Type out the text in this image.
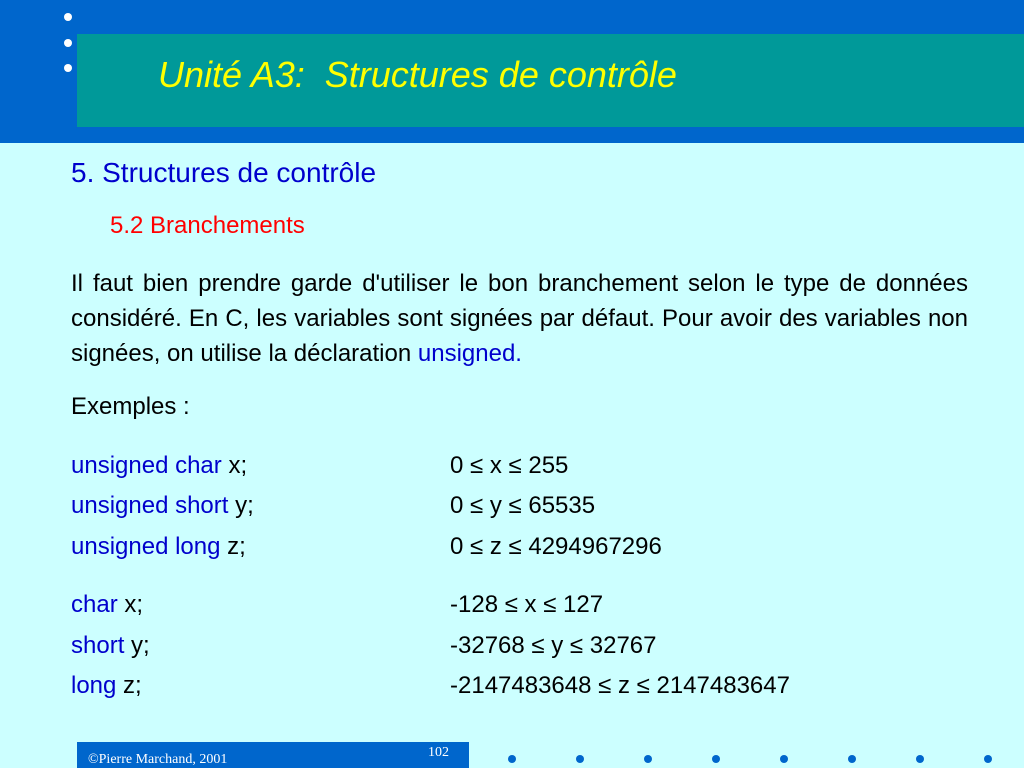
Unité A3:  Structures de contrôle
5. Structures de contrôle
5.2 Branchements
Il faut bien prendre garde d'utiliser le bon branchement selon le type de données considéré. En C, les variables sont signées par défaut. Pour avoir des variables non signées, on utilise la déclaration unsigned.
Exemples :
unsigned char x;	0 ≤ x ≤ 255
unsigned short y;	0 ≤ y ≤ 65535
unsigned long z;	0 ≤ z ≤ 4294967296
char x;	-128 ≤ x ≤ 127
short y;	-32768 ≤ y ≤ 32767
long z;	-2147483648 ≤ z ≤ 2147483647
©Pierre Marchand, 2001	102
